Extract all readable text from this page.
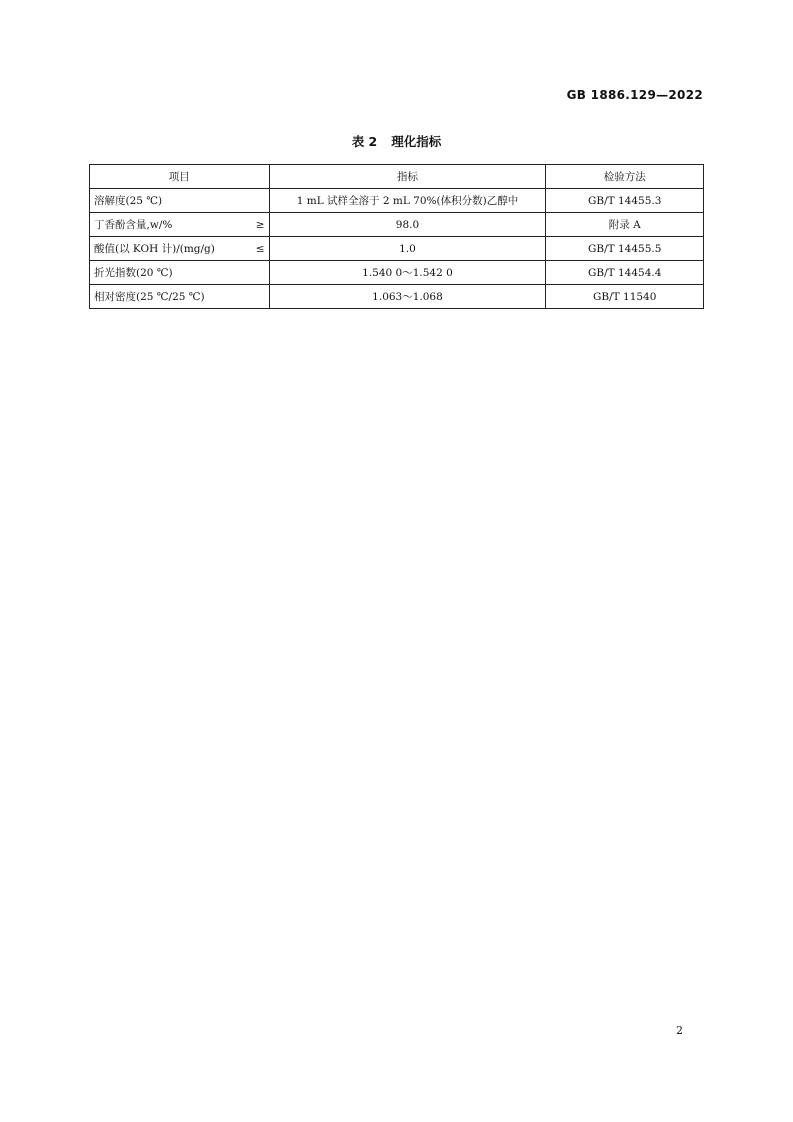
GB 1886.129—2022
表 2 理化指标
项目	指标	检验方法

溶解度(25 ℃)	1 mL 试样全溶于 2 mL 70%(体积分数)乙醇中	GB/T 14455.3

丁香酚含量,w/% ≥	98.0	附录 A

酸值(以 KOH 计)/(mg/g) ≤	1.0	GB/T 14455.5

折光指数(20 ℃)	1.540 0～1.542 0	GB/T 14454.4

相对密度(25 ℃/25 ℃)	1.063～1.068	GB/T 11540
2
